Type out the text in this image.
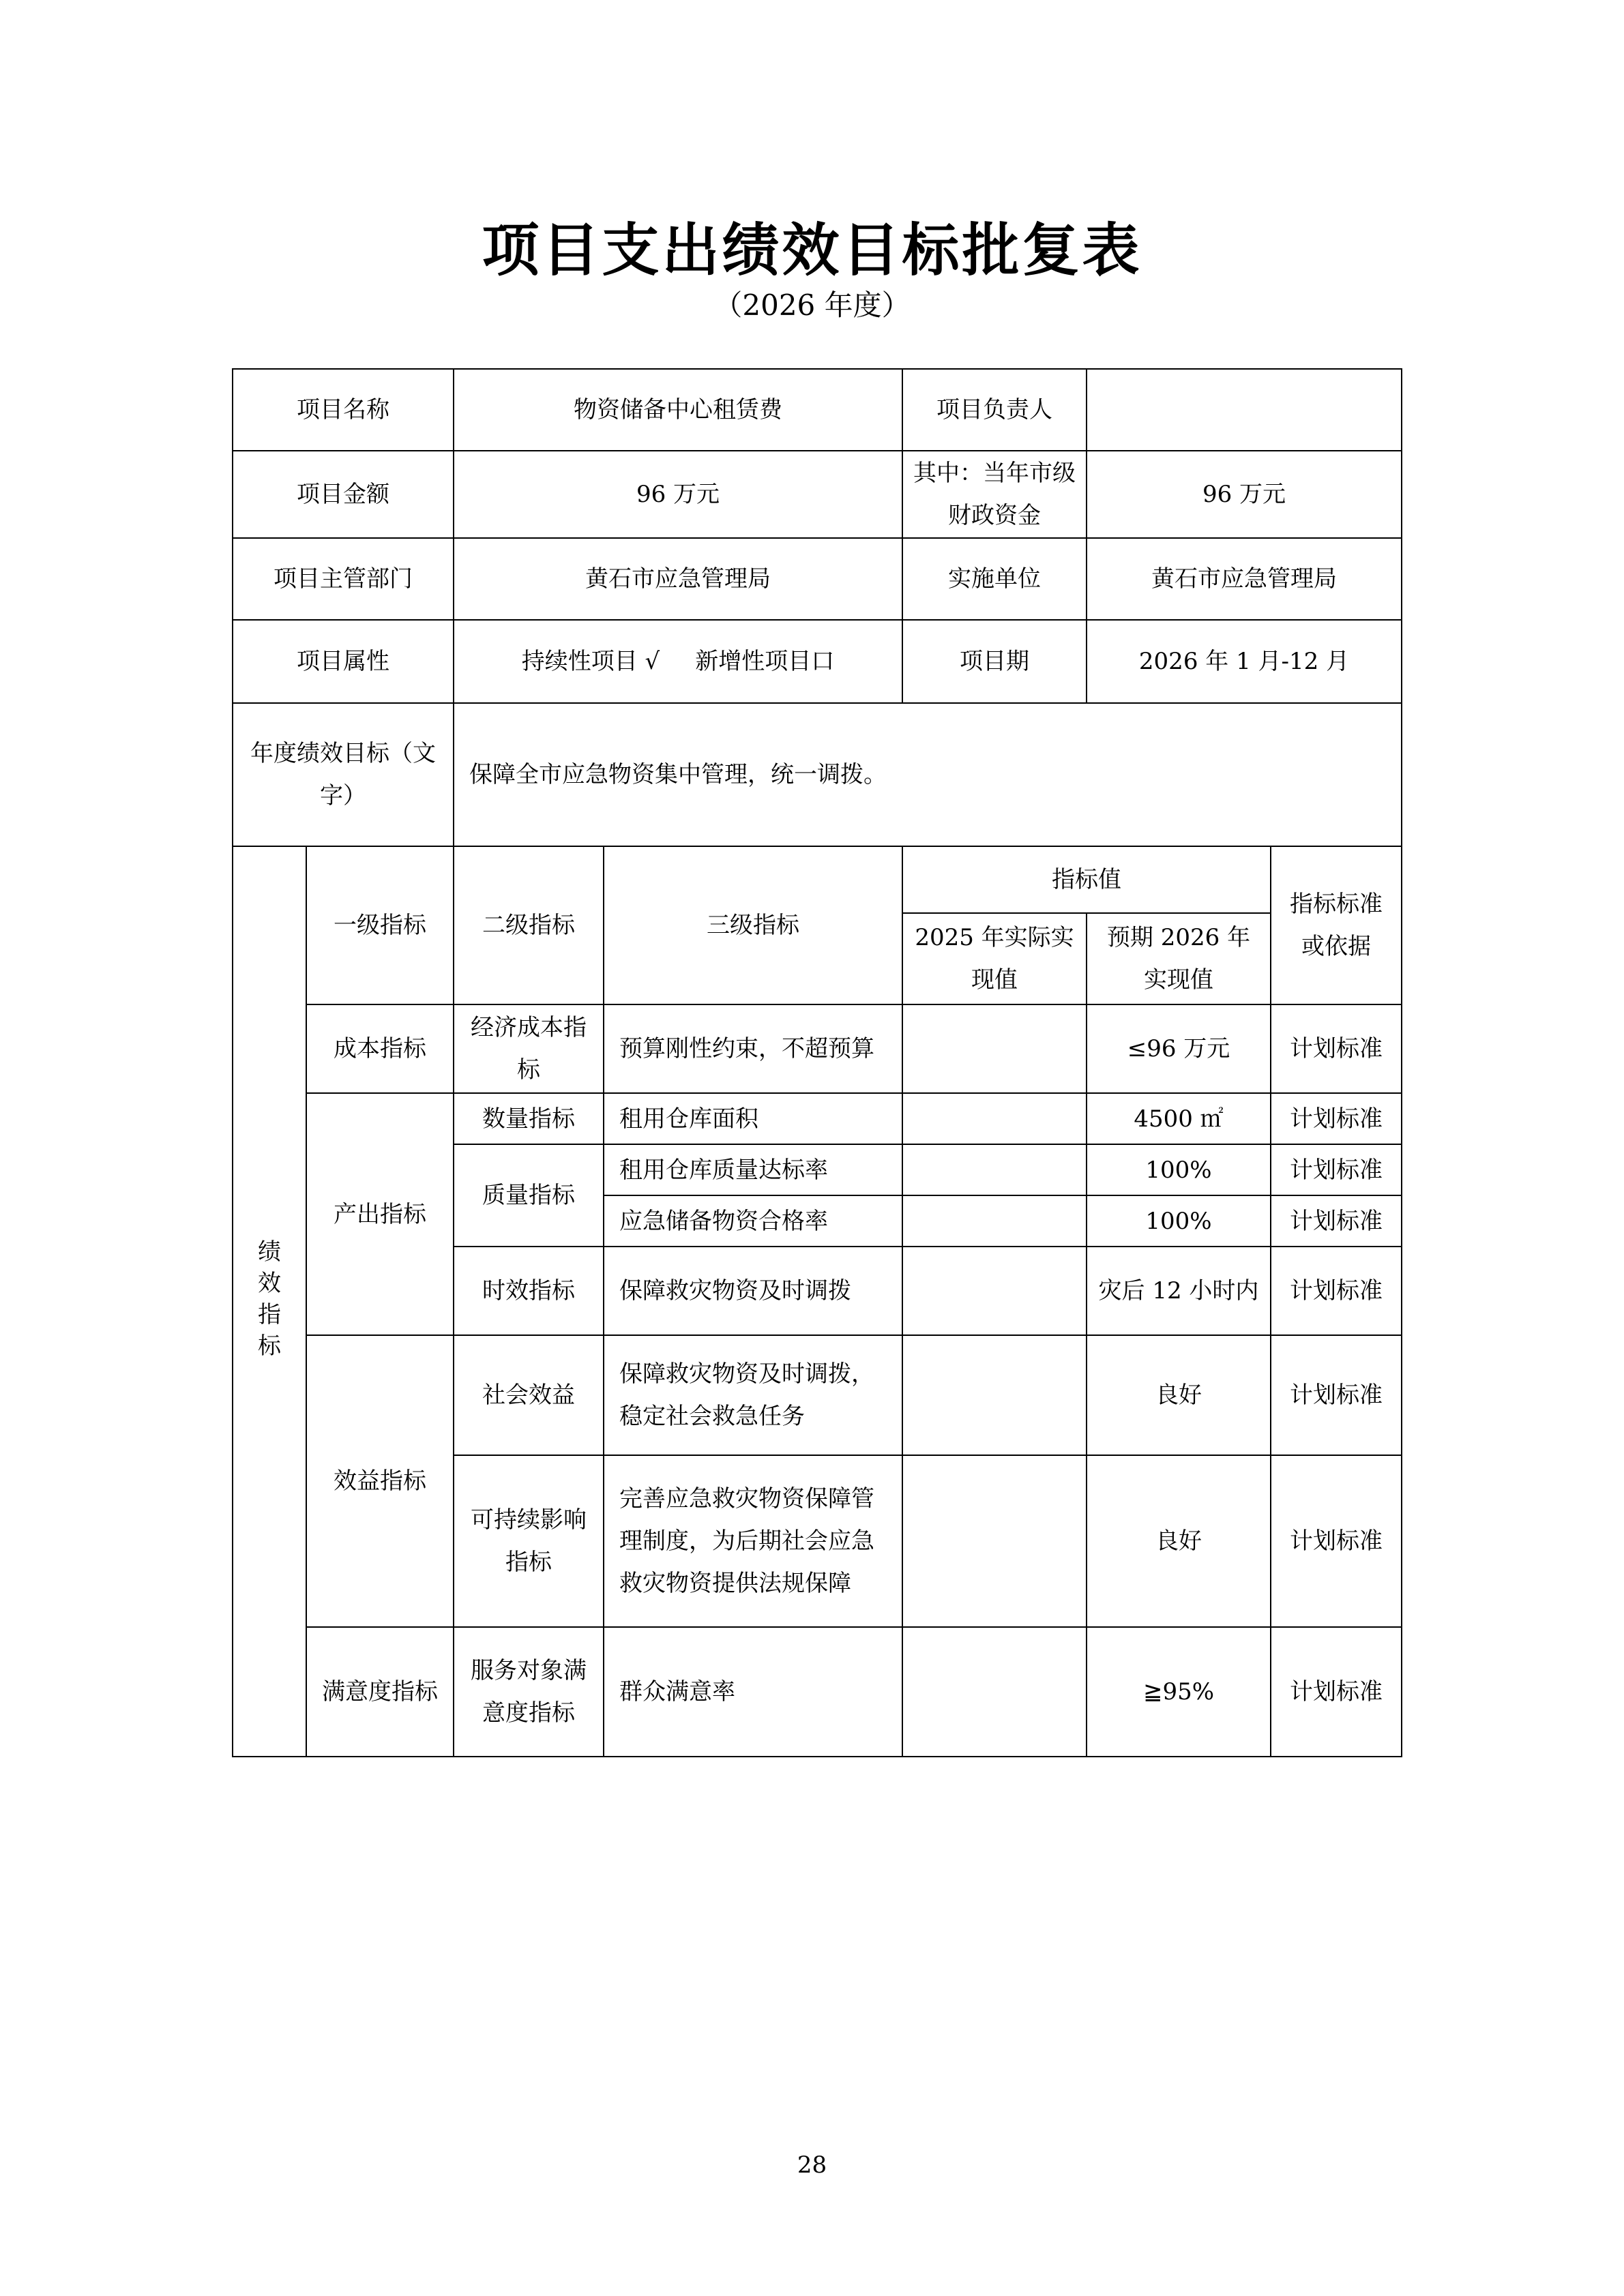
项目支出绩效目标批复表
（2026 年度）
项目名称		物资储备中心租赁费		项目负责人		
项目金额		96 万元		其中：当年市级财政资金	96 万元	
项目主管部门		黄石市应急管理局		实施单位	黄石市应急管理局	
项目属性		持续性项目 √ 新增性项目口		项目期	2026 年 1 月-12 月	
年度绩效目标（文字）		保障全市应急物资集中管理，统一调拨。				
绩效指标	一级指标	二级指标	三级指标	指标值		指标标准或依据
				2025 年实际实现值	预期 2026 年实现值	
	成本指标	经济成本指标	预算刚性约束，不超预算		≤96 万元	计划标准
	产出指标	数量指标	租用仓库面积		4500 ㎡	计划标准
		质量指标	租用仓库质量达标率		100%	计划标准
			应急储备物资合格率		100%	计划标准
		时效指标	保障救灾物资及时调拨		灾后 12 小时内	计划标准
	效益指标	社会效益	保障救灾物资及时调拨，稳定社会救急任务		良好	计划标准
		可持续影响指标	完善应急救灾物资保障管理制度，为后期社会应急救灾物资提供法规保障		良好	计划标准
	满意度指标	服务对象满意度指标	群众满意率		≧95%	计划标准
28
